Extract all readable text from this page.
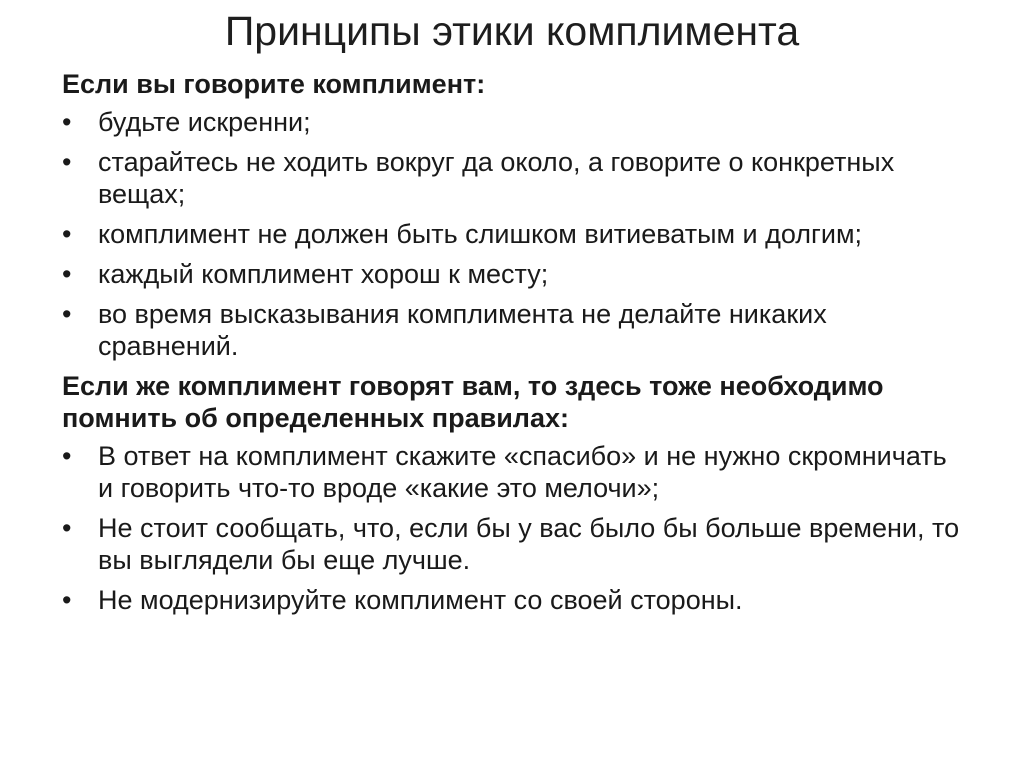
Принципы этики комплимента

Если вы говорите комплимент:

• будьте искренни;
• старайтесь не ходить вокруг да около, а говорите о конкретных вещах;
• комплимент не должен быть слишком витиеватым и долгим;
• каждый комплимент хорош к месту;
• во время высказывания комплимента не делайте никаких сравнений.

Если же комплимент говорят вам, то здесь тоже необходимо помнить об определенных правилах:

• В ответ на комплимент скажите «спасибо» и не нужно скромничать и говорить что-то вроде «какие это мелочи»;
• Не стоит сообщать, что, если бы у вас было бы больше времени, то вы выглядели бы еще лучше.
• Не модернизируйте комплимент со своей стороны.
